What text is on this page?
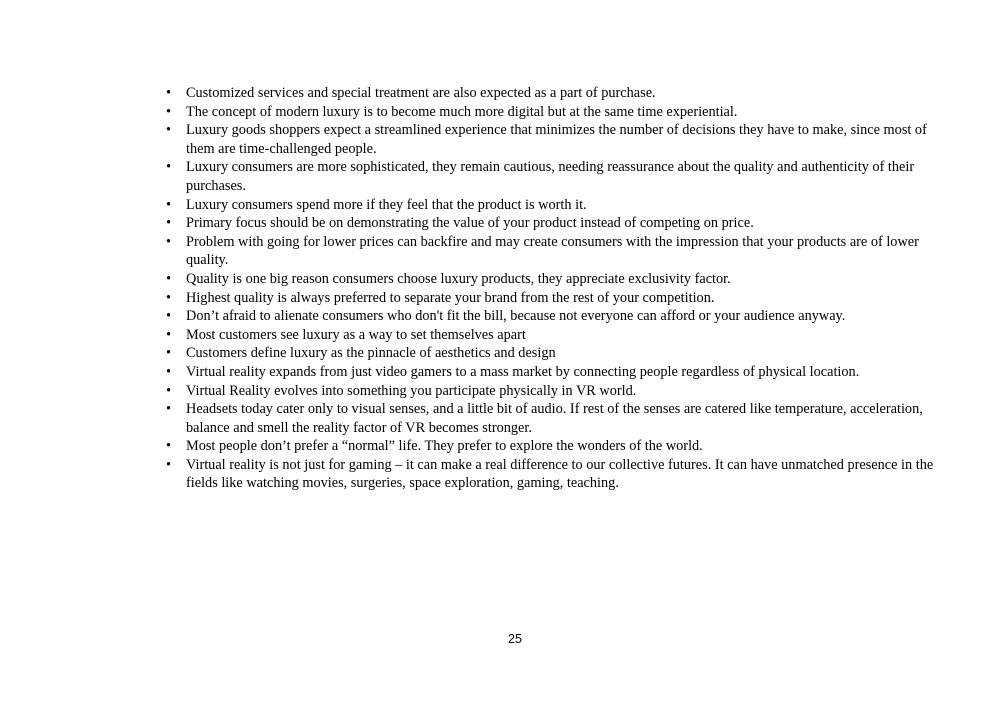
• Customized services and special treatment are also expected as a part of purchase.
• The concept of modern luxury is to become much more digital but at the same time experiential.
• Luxury goods shoppers expect a streamlined experience that minimizes the number of decisions they have to make, since most of them are time-challenged people.
• Luxury consumers are more sophisticated, they remain cautious, needing reassurance about the quality and authenticity of their purchases.
• Luxury consumers spend more if they feel that the product is worth it.
• Primary focus should be on demonstrating the value of your product instead of competing on price.
• Problem with going for lower prices can backfire and may create consumers with the impression that your products are of lower quality.
• Quality is one big reason consumers choose luxury products, they appreciate exclusivity factor.
• Highest quality is always preferred to separate your brand from the rest of your competition.
• Don’t afraid to alienate consumers who don't fit the bill, because not everyone can afford or your audience anyway.
• Most customers see luxury as a way to set themselves apart
• Customers define luxury as the pinnacle of aesthetics and design
• Virtual reality expands from just video gamers to a mass market by connecting people regardless of physical location.
• Virtual Reality evolves into something you participate physically in VR world.
• Headsets today cater only to visual senses, and a little bit of audio. If rest of the senses are catered like temperature, acceleration, balance and smell the reality factor of VR becomes stronger.
• Most people don’t prefer a “normal” life. They prefer to explore the wonders of the world.
• Virtual reality is not just for gaming – it can make a real difference to our collective futures. It can have unmatched presence in the fields like watching movies, surgeries, space exploration, gaming, teaching.
25
